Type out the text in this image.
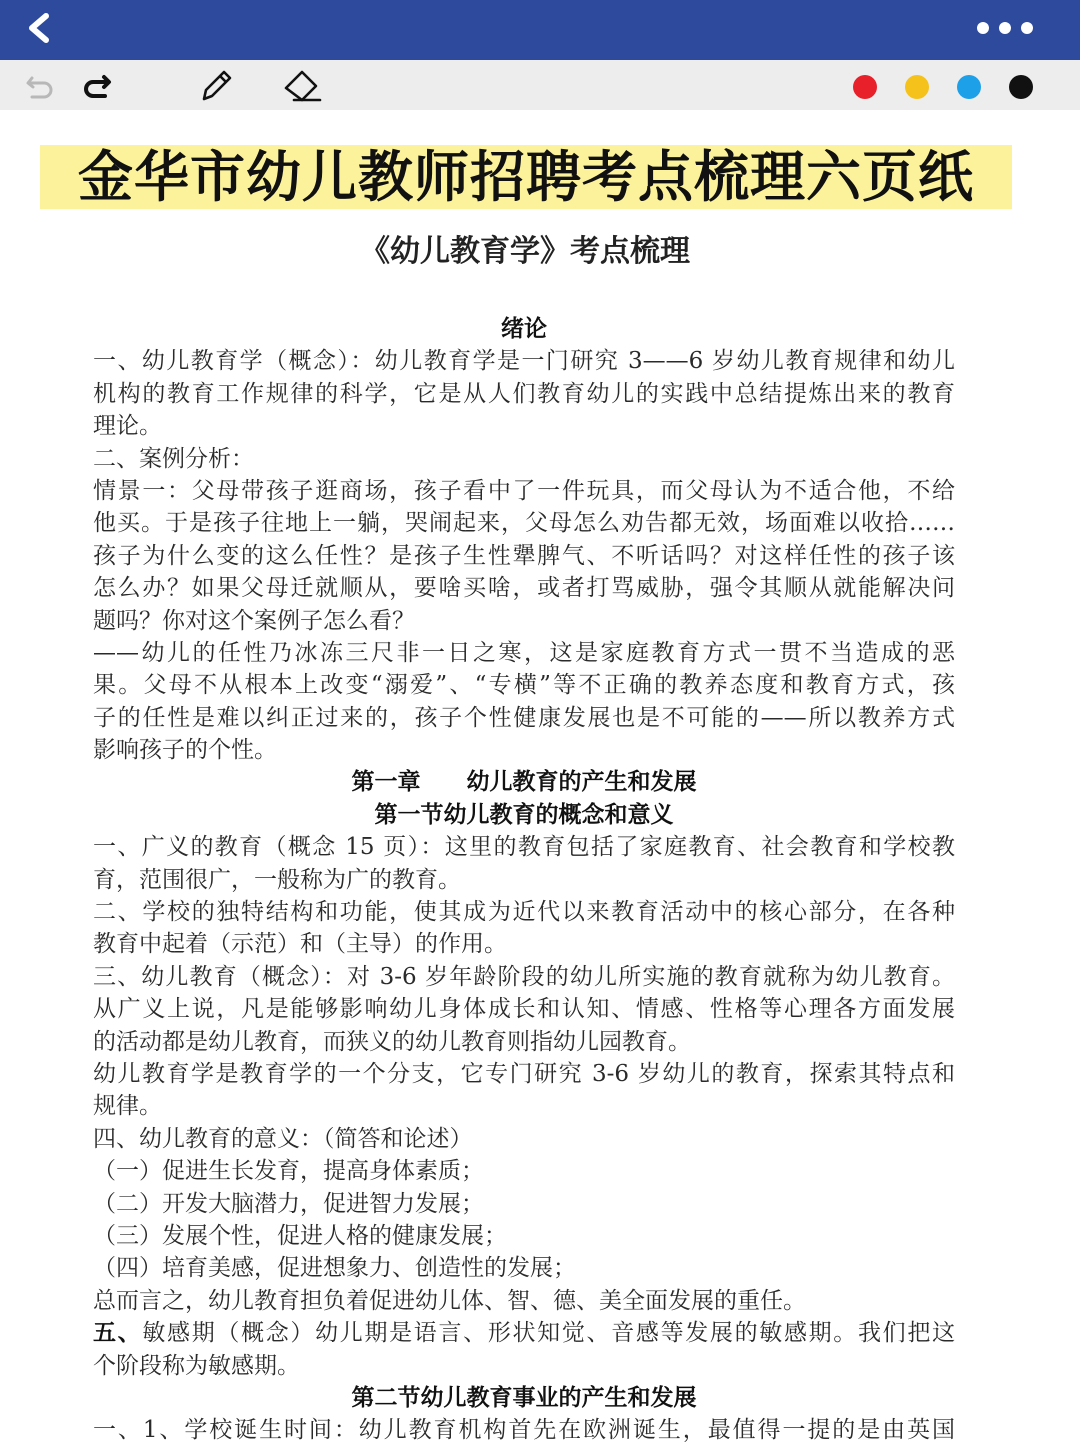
金华市幼儿教师招聘考点梳理六页纸
《幼儿教育学》考点梳理
绪论
一、幼儿教育学（概念）：幼儿教育学是一门研究 3——6 岁幼儿教育规律和幼儿
机构的教育工作规律的科学，它是从人们教育幼儿的实践中总结提炼出来的教育
理论。
二、案例分析：
情景一：父母带孩子逛商场，孩子看中了一件玩具，而父母认为不适合他，不给
他买。于是孩子往地上一躺，哭闹起来，父母怎么劝告都无效，场面难以收拾……
孩子为什么变的这么任性？是孩子生性犟脾气、不听话吗？对这样任性的孩子该
怎么办？如果父母迁就顺从，要啥买啥，或者打骂威胁，强令其顺从就能解决问
题吗？你对这个案例子怎么看？
——幼儿的任性乃冰冻三尺非一日之寒，这是家庭教育方式一贯不当造成的恶
果。父母不从根本上改变“溺爱”、“专横”等不正确的教养态度和教育方式，孩
子的任性是难以纠正过来的，孩子个性健康发展也是不可能的——所以教养方式
影响孩子的个性。
第一章　　幼儿教育的产生和发展
第一节幼儿教育的概念和意义
一、广义的教育（概念 15 页）：这里的教育包括了家庭教育、社会教育和学校教
育，范围很广，一般称为广的教育。
二、学校的独特结构和功能，使其成为近代以来教育活动中的核心部分，在各种
教育中起着（示范）和（主导）的作用。
三、幼儿教育（概念）：对 3-6 岁年龄阶段的幼儿所实施的教育就称为幼儿教育。
从广义上说，凡是能够影响幼儿身体成长和认知、情感、性格等心理各方面发展
的活动都是幼儿教育，而狭义的幼儿教育则指幼儿园教育。
幼儿教育学是教育学的一个分支，它专门研究 3-6 岁幼儿的教育，探索其特点和
规律。
四、幼儿教育的意义：（简答和论述）
（一）促进生长发育，提高身体素质；
（二）开发大脑潜力，促进智力发展；
（三）发展个性，促进人格的健康发展；
（四）培育美感，促进想象力、创造性的发展；
总而言之，幼儿教育担负着促进幼儿体、智、德、美全面发展的重任。
五、敏感期（概念）幼儿期是语言、形状知觉、音感等发展的敏感期。我们把这
个阶段称为敏感期。
第二节幼儿教育事业的产生和发展
一、1、学校诞生时间：幼儿教育机构首先在欧洲诞生，最值得一提的是由英国
